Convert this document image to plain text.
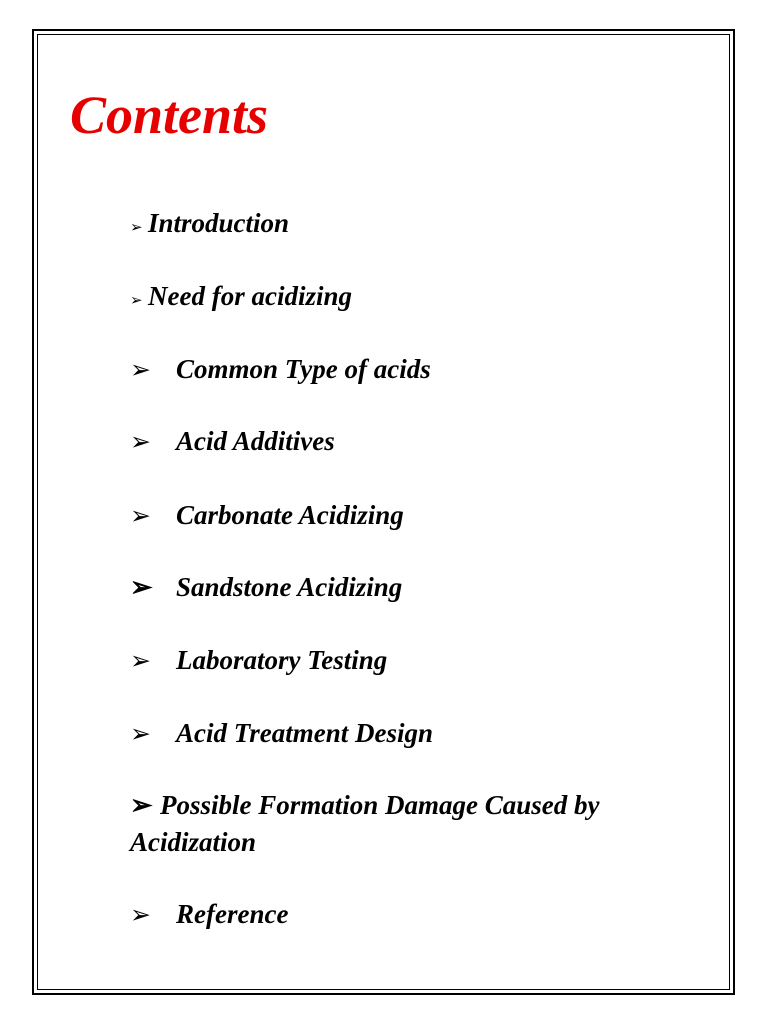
Contents
➢ Introduction
➢ Need for acidizing
➢ Common Type of acids
➢ Acid Additives
➢ Carbonate Acidizing
➢ Sandstone Acidizing
➢ Laboratory Testing
➢ Acid Treatment Design
➢ Possible Formation Damage Caused by Acidization
➢ Reference
